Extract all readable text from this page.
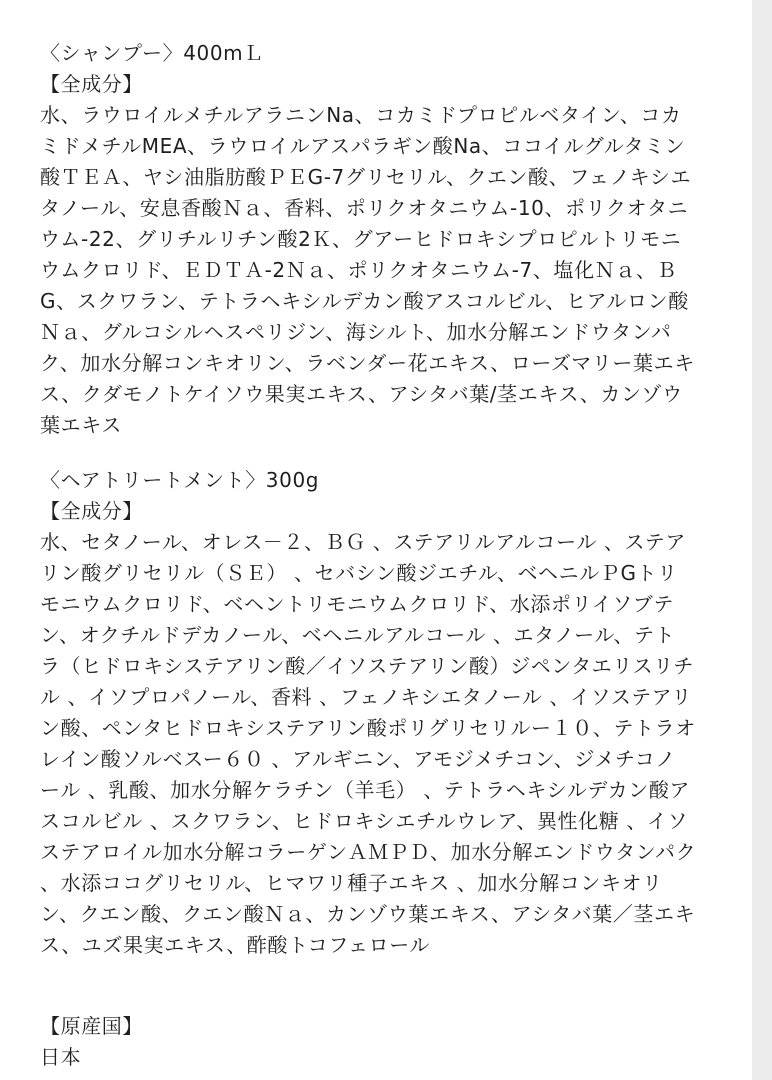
〈シャンプー〉400mＬ
【全成分】
水、ラウロイルメチルアラニンNa、コカミドプロピルベタイン、コカ
ミドメチルMEA、ラウロイルアスパラギン酸Na、ココイルグルタミン
酸ＴＥＡ、ヤシ油脂肪酸ＰＥG-7グリセリル、クエン酸、フェノキシエ
タノール、安息香酸Ｎａ、香料、ポリクオタニウム-10、ポリクオタニ
ウム-22、グリチルリチン酸2Ｋ、グアーヒドロキシプロピルトリモニ
ウムクロリド、ＥＤＴＡ-2Ｎａ、ポリクオタニウム-7、塩化Ｎａ、Ｂ
G、スクワラン、テトラヘキシルデカン酸アスコルビル、ヒアルロン酸
Ｎａ、グルコシルヘスペリジン、海シルト、加水分解エンドウタンパ
ク、加水分解コンキオリン、ラベンダー花エキス、ローズマリー葉エキ
ス、クダモノトケイソウ果実エキス、アシタバ葉/茎エキス、カンゾウ
葉エキス
〈ヘアトリートメント〉300g
【全成分】
水、セタノール、オレス－２、ＢＧ 、ステアリルアルコール 、ステア
リン酸グリセリル（ＳＥ） 、セバシン酸ジエチル、ベヘニルＰGトリ
モニウムクロリド、ベヘントリモニウムクロリド、水添ポリイソブテ
ン、オクチルドデカノール、ベヘニルアルコール 、エタノール、テト
ラ（ヒドロキシステアリン酸／イソステアリン酸）ジペンタエリスリチ
ル 、イソプロパノール、香料 、フェノキシエタノール 、イソステアリ
ン酸、ペンタヒドロキシステアリン酸ポリグリセリルー１０、テトラオ
レイン酸ソルベスー６０ 、アルギニン、アモジメチコン、ジメチコノ
ール 、乳酸、加水分解ケラチン（羊毛） 、テトラヘキシルデカン酸ア
スコルビル 、スクワラン、ヒドロキシエチルウレア、異性化糖 、イソ
ステアロイル加水分解コラーゲンＡＭＰＤ、加水分解エンドウタンパク
、水添ココグリセリル、ヒマワリ種子エキス 、加水分解コンキオリ
ン、クエン酸、クエン酸Ｎａ、カンゾウ葉エキス、アシタバ葉／茎エキ
ス、ユズ果実エキス、酢酸トコフェロール
【原産国】
日本
